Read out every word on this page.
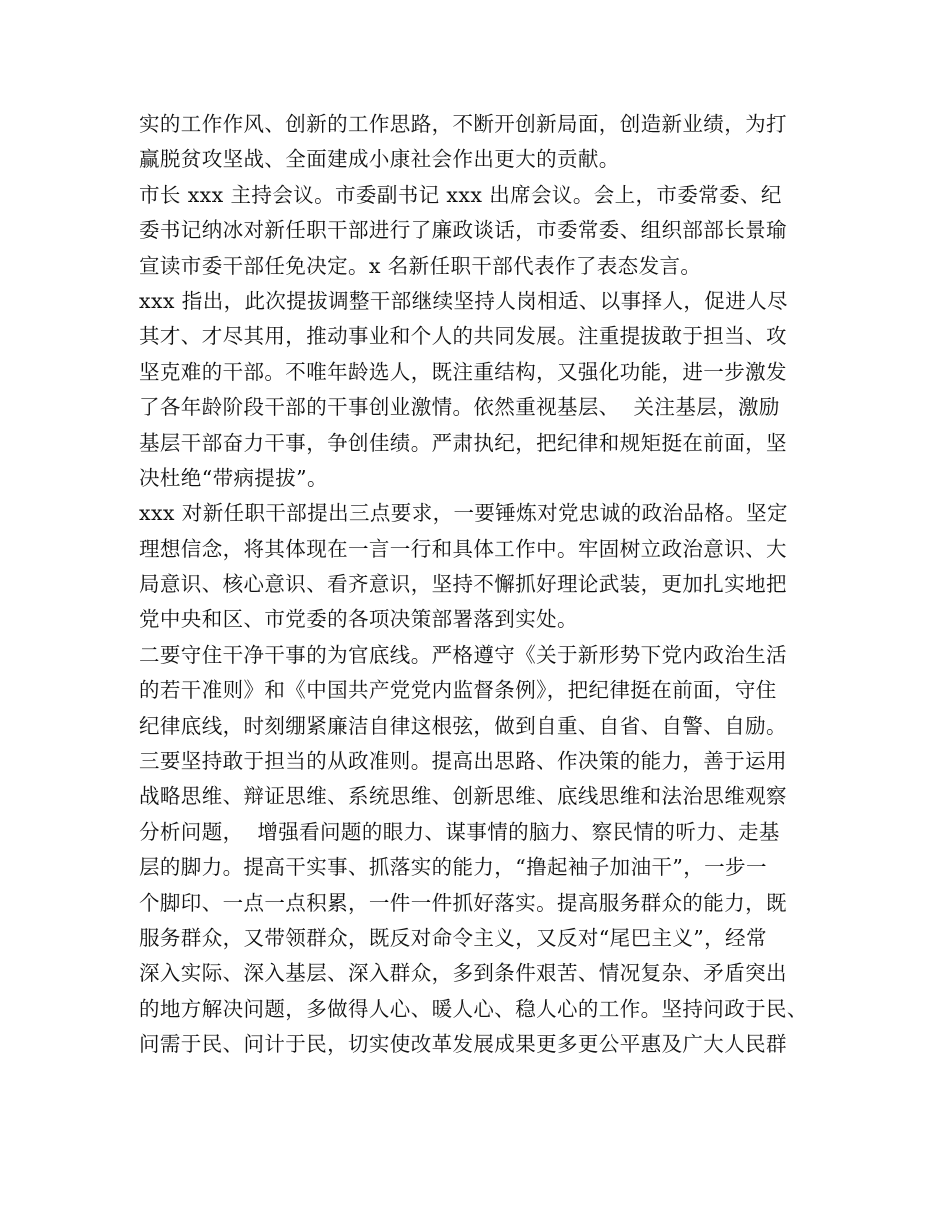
实的工作作风、创新的工作思路，不断开创新局面，创造新业绩，为打
赢脱贫攻坚战、全面建成小康社会作出更大的贡献。
市长 xxx 主持会议。市委副书记 xxx 出席会议。会上，市委常委、纪
委书记纳冰对新任职干部进行了廉政谈话，市委常委、组织部部长景瑜
宣读市委干部任免决定。x 名新任职干部代表作了表态发言。
xxx 指出，此次提拔调整干部继续坚持人岗相适、以事择人，促进人尽
其才、才尽其用，推动事业和个人的共同发展。注重提拔敢于担当、攻
坚克难的干部。不唯年龄选人，既注重结构，又强化功能，进一步激发
了各年龄阶段干部的干事创业激情。依然重视基层、  关注基层，激励
基层干部奋力干事，争创佳绩。严肃执纪，把纪律和规矩挺在前面，坚
决杜绝“带病提拔”。
xxx 对新任职干部提出三点要求，一要锤炼对党忠诚的政治品格。坚定
理想信念，将其体现在一言一行和具体工作中。牢固树立政治意识、大
局意识、核心意识、看齐意识，坚持不懈抓好理论武装，更加扎实地把
党中央和区、市党委的各项决策部署落到实处。
二要守住干净干事的为官底线。严格遵守《关于新形势下党内政治生活
的若干准则》和《中国共产党党内监督条例》，把纪律挺在前面，守住
纪律底线，时刻绷紧廉洁自律这根弦，做到自重、自省、自警、自励。
三要坚持敢于担当的从政准则。提高出思路、作决策的能力，善于运用
战略思维、辩证思维、系统思维、创新思维、底线思维和法治思维观察
分析问题，  增强看问题的眼力、谋事情的脑力、察民情的听力、走基
层的脚力。提高干实事、抓落实的能力，“撸起袖子加油干”，一步一
个脚印、一点一点积累，一件一件抓好落实。提高服务群众的能力，既
服务群众，又带领群众，既反对命令主义，又反对“尾巴主义”，经常
深入实际、深入基层、深入群众，多到条件艰苦、情况复杂、矛盾突出
的地方解决问题，多做得人心、暖人心、稳人心的工作。坚持问政于民、
问需于民、问计于民，切实使改革发展成果更多更公平惠及广大人民群
